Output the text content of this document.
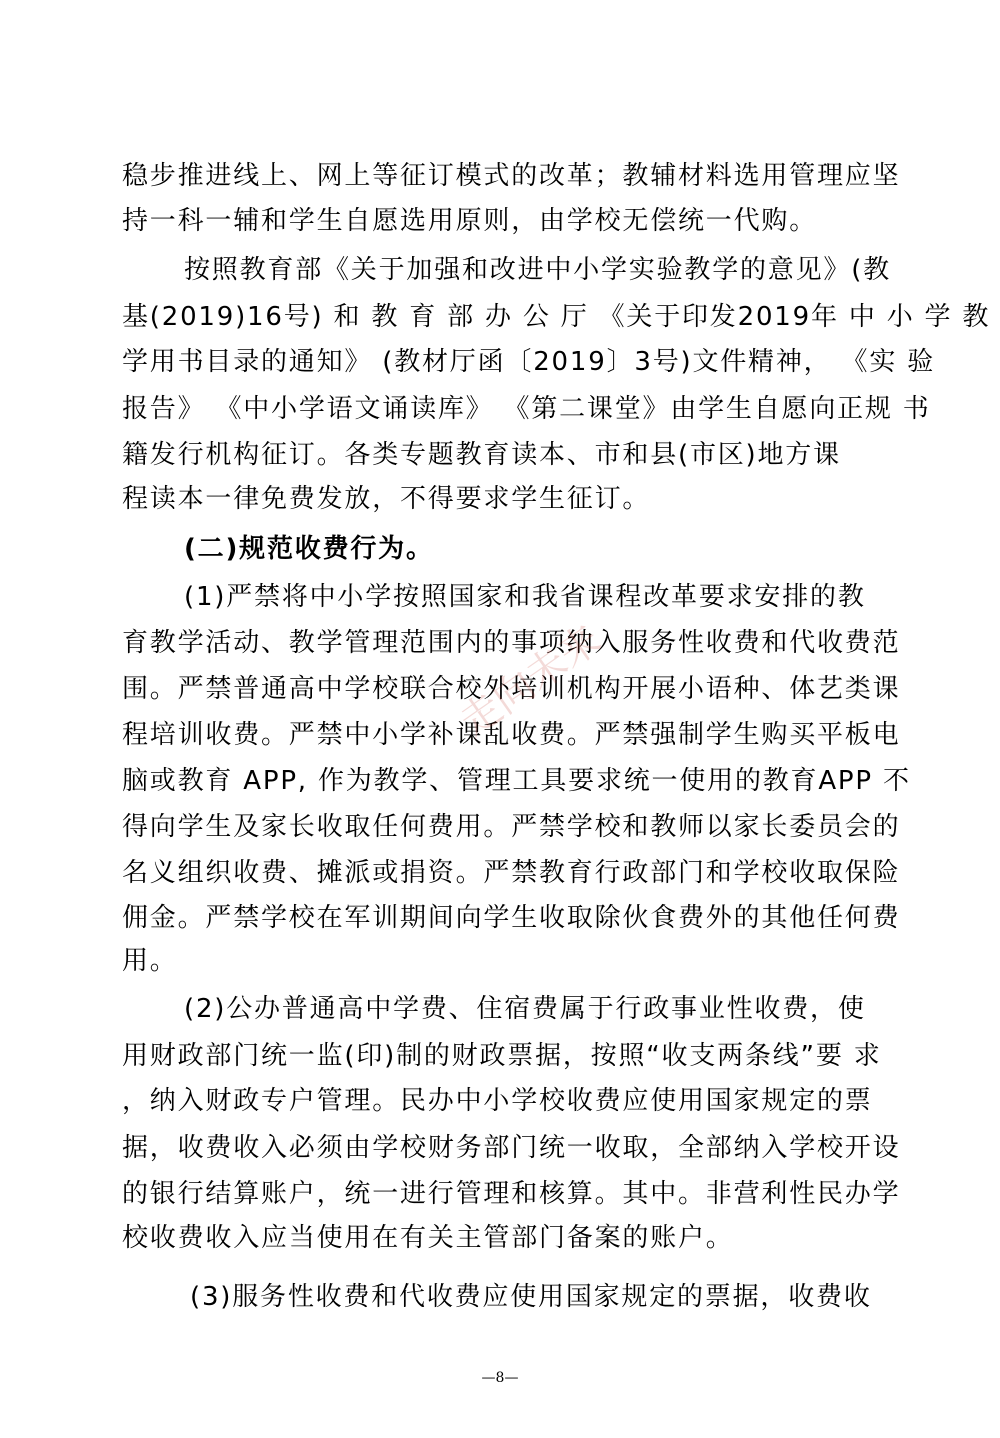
稳步推进线上、网上等征订模式的改革；教辅材料选用管理应坚
持一科一辅和学生自愿选用原则，由学校无偿统一代购。
按照教育部《关于加强和改进中小学实验教学的意见》(教
基(2019)16号) 和 教 育 部 办 公 厅 《关于印发2019年 中 小 学 教
学用书目录的通知》 (教材厅函〔2019〕3号)文件精神， 《实 验
报告》 《中小学语文诵读库》 《第二课堂》由学生自愿向正规 书
籍发行机构征订。各类专题教育读本、市和县(市区)地方课
程读本一律免费发放，不得要求学生征订。
(二)规范收费行为。
(1)严禁将中小学按照国家和我省课程改革要求安排的教
育教学活动、教学管理范围内的事项纳入服务性收费和代收费范
围。严禁普通高中学校联合校外培训机构开展小语种、体艺类课
程培训收费。严禁中小学补课乱收费。严禁强制学生购买平板电
脑或教育 APP, 作为教学、管理工具要求统一使用的教育APP 不
得向学生及家长收取任何费用。严禁学校和教师以家长委员会的
名义组织收费、摊派或捐资。严禁教育行政部门和学校收取保险
佣金。严禁学校在军训期间向学生收取除伙食费外的其他任何费
用。
(2)公办普通高中学费、住宿费属于行政事业性收费，使
用财政部门统一监(印)制的财政票据，按照“收支两条线”要 求
，纳入财政专户管理。民办中小学校收费应使用国家规定的票
据，收费收入必须由学校财务部门统一收取，全部纳入学校开设
的银行结算账户，统一进行管理和核算。其中。非营利性民办学
校收费收入应当使用在有关主管部门备案的账户。
(3)服务性收费和代收费应使用国家规定的票据，收费收
走向未来
—8—
